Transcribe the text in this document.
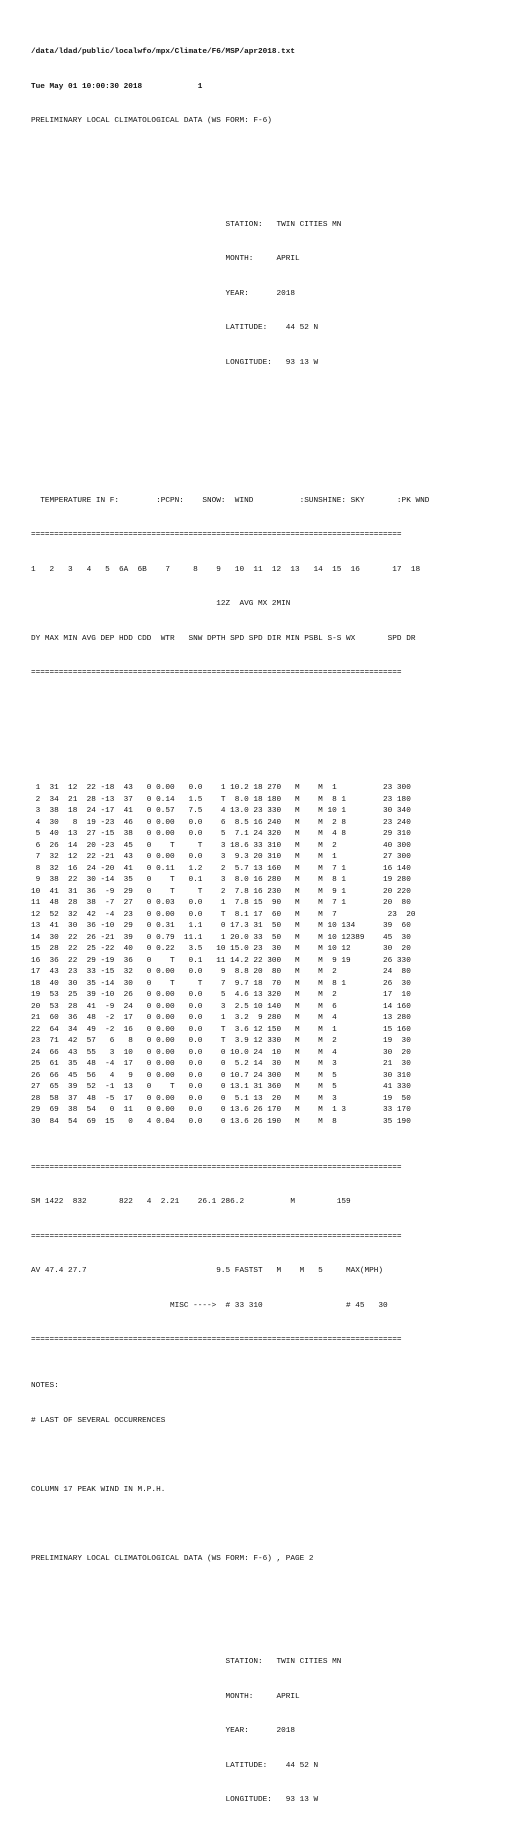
/data/ldad/public/localwfo/mpx/Climate/F6/MSP/apr2018.txt

Tue May 01 10:00:30 2018            1

PRELIMINARY LOCAL CLIMATOLOGICAL DATA (WS FORM: F-6)

STATION:   TWIN CITIES MN

MONTH:     APRIL

YEAR:      2018

LATITUDE:    44 52 N

LONGITUDE:   93 13 W

TEMPERATURE IN F:        :PCPN:    SNOW:  WIND          :SUNSHINE: SKY       :PK WND

================================================================================

1   2   3   4   5  6A  6B    7     8    9   10  11  12  13   14  15  16       17  18

12Z  AVG MX 2MIN

DY MAX MIN AVG DEP HDD CDD  WTR   SNW DPTH SPD SPD DIR MIN PSBL S-S WX       SPD DR

================================================================================

1  31  12  22 -18  43   0 0.00   0.0    1 10.2 18 270   M    M  1          23 300
2  34  21  28 -13  37   0 0.14   1.5    T  8.0 18 180   M    M  8 1        23 180
3  38  18  24 -17  41   0 0.57   7.5    4 13.0 23 330   M    M 10 1        30 340
4  30   8  19 -23  46   0 0.00   0.0    6  8.5 16 240   M    M  2 8        23 240
5  40  13  27 -15  38   0 0.00   0.0    5  7.1 24 320   M    M  4 8        29 310
6  26  14  20 -23  45   0    T     T    3 18.6 33 310   M    M  2          40 300
7  32  12  22 -21  43   0 0.00   0.0    3  9.3 20 310   M    M  1          27 300
8  32  16  24 -20  41   0 0.11   1.2    2  5.7 13 160   M    M  7 1        16 140
9  38  22  30 -14  35   0    T   0.1    3  8.0 16 280   M    M  8 1        19 280
10  41  31  36  -9  29   0    T     T    2  7.8 16 230   M    M  9 1        20 220
11  48  28  38  -7  27   0 0.03   0.0    1  7.8 15  90   M    M  7 1        20  80
12  52  32  42  -4  23   0 0.00   0.0    T  8.1 17  60   M    M  7           23  20
13  41  30  36 -10  29   0 0.31   1.1    0 17.3 31  50   M    M 10 134      39  60
14  30  22  26 -21  39   0 0.79  11.1    1 20.0 33  50   M    M 10 12389    45  30
15  28  22  25 -22  40   0 0.22   3.5   10 15.0 23  30   M    M 10 12       30  20
16  36  22  29 -19  36   0    T   0.1   11 14.2 22 300   M    M  9 19       26 330
17  43  23  33 -15  32   0 0.00   0.0    9  8.8 20  80   M    M  2          24  80
18  40  30  35 -14  30   0    T     T    7  9.7 18  70   M    M  8 1        26  30
19  53  25  39 -10  26   0 0.00   0.0    5  4.6 13 320   M    M  2          17  10
20  53  28  41  -9  24   0 0.00   0.0    3  2.5 10 140   M    M  6          14 160
21  60  36  48  -2  17   0 0.00   0.0    1  3.2  9 280   M    M  4          13 280
22  64  34  49  -2  16   0 0.00   0.0    T  3.6 12 150   M    M  1          15 160
23  71  42  57   6   8   0 0.00   0.0    T  3.9 12 330   M    M  2          19  30
24  66  43  55   3  10   0 0.00   0.0    0 10.0 24  10   M    M  4          30  20
25  61  35  48  -4  17   0 0.00   0.0    0  5.2 14  30   M    M  3          21  30
26  66  45  56   4   9   0 0.00   0.0    0 10.7 24 300   M    M  5          30 310
27  65  39  52  -1  13   0    T   0.0    0 13.1 31 360   M    M  5          41 330
28  58  37  48  -5  17   0 0.00   0.0    0  5.1 13  20   M    M  3          19  50
29  69  38  54   0  11   0 0.00   0.0    0 13.6 26 170   M    M  1 3        33 170
30  84  54  69  15   0   4 0.04   0.0    0 13.6 26 190   M    M  8          35 190

================================================================================

SM 1422  832       822   4  2.21    26.1 286.2          M         159

================================================================================

AV 47.4 27.7                            9.5 FASTST   M    M   5     MAX(MPH)

MISC ---->  # 33 310                  # 45   30

================================================================================

NOTES:

# LAST OF SEVERAL OCCURRENCES

COLUMN 17 PEAK WIND IN M.P.H.

PRELIMINARY LOCAL CLIMATOLOGICAL DATA (WS FORM: F-6) , PAGE 2

STATION:   TWIN CITIES MN

MONTH:     APRIL

YEAR:      2018

LATITUDE:    44 52 N

LONGITUDE:   93 13 W
